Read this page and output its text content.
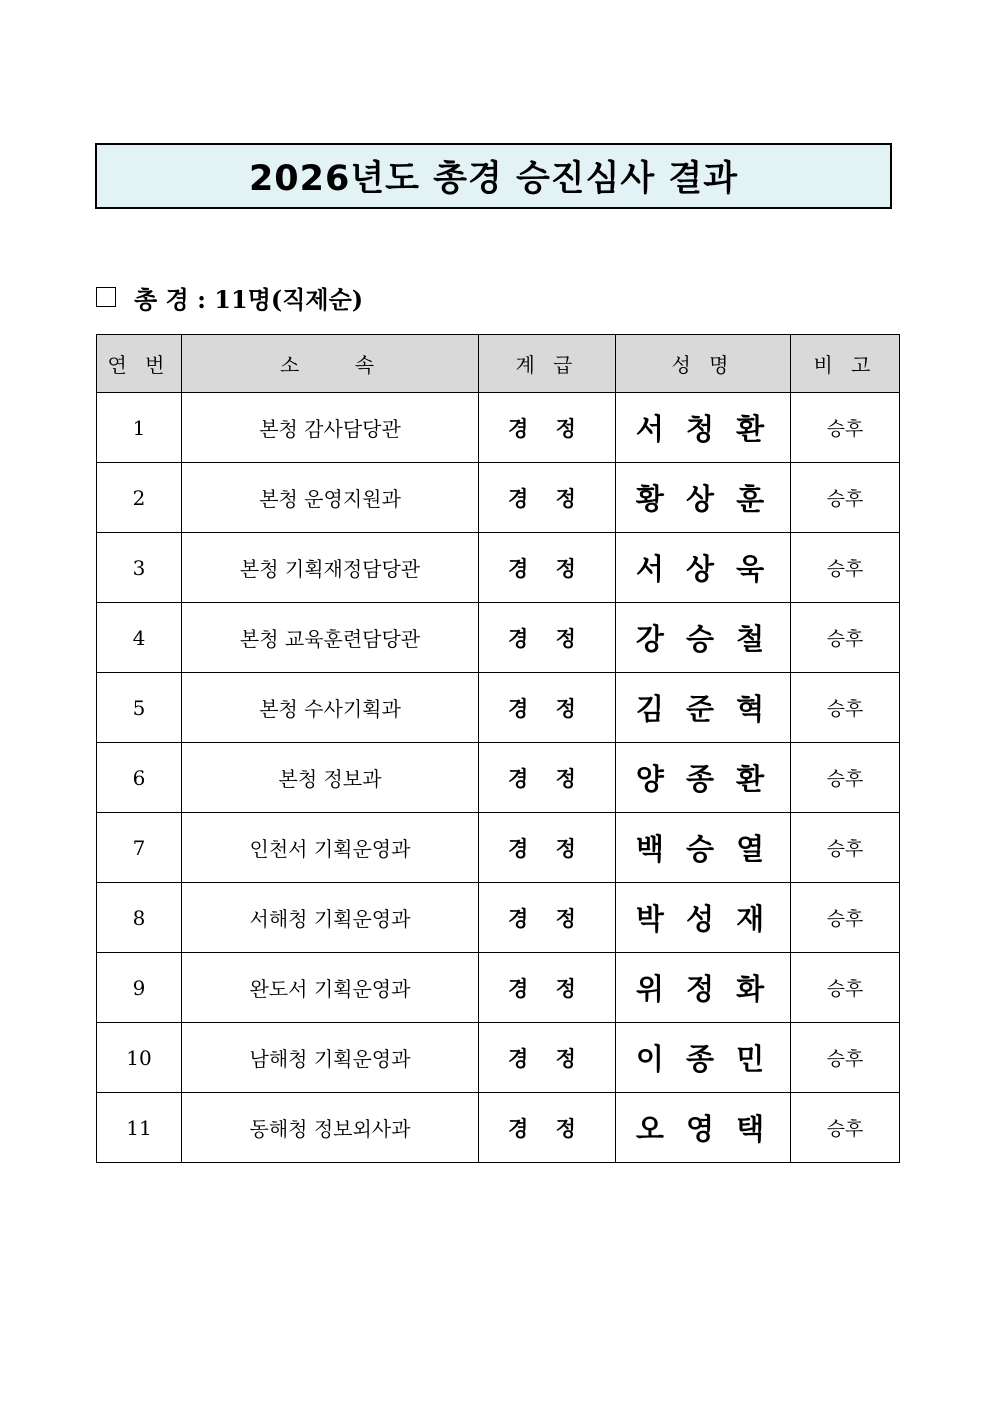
2026년도 총경 승진심사 결과
총 경 : 11명(직제순)
연 번	소    속	계 급	성 명	비 고
1	본청 감사담당관	경 정	서 청 환	승후
2	본청 운영지원과	경 정	황 상 훈	승후
3	본청 기획재정담당관	경 정	서 상 욱	승후
4	본청 교육훈련담당관	경 정	강 승 철	승후
5	본청 수사기획과	경 정	김 준 혁	승후
6	본청 정보과	경 정	양 종 환	승후
7	인천서 기획운영과	경 정	백 승 열	승후
8	서해청 기획운영과	경 정	박 성 재	승후
9	완도서 기획운영과	경 정	위 정 화	승후
10	남해청 기획운영과	경 정	이 종 민	승후
11	동해청 정보외사과	경 정	오 영 택	승후
